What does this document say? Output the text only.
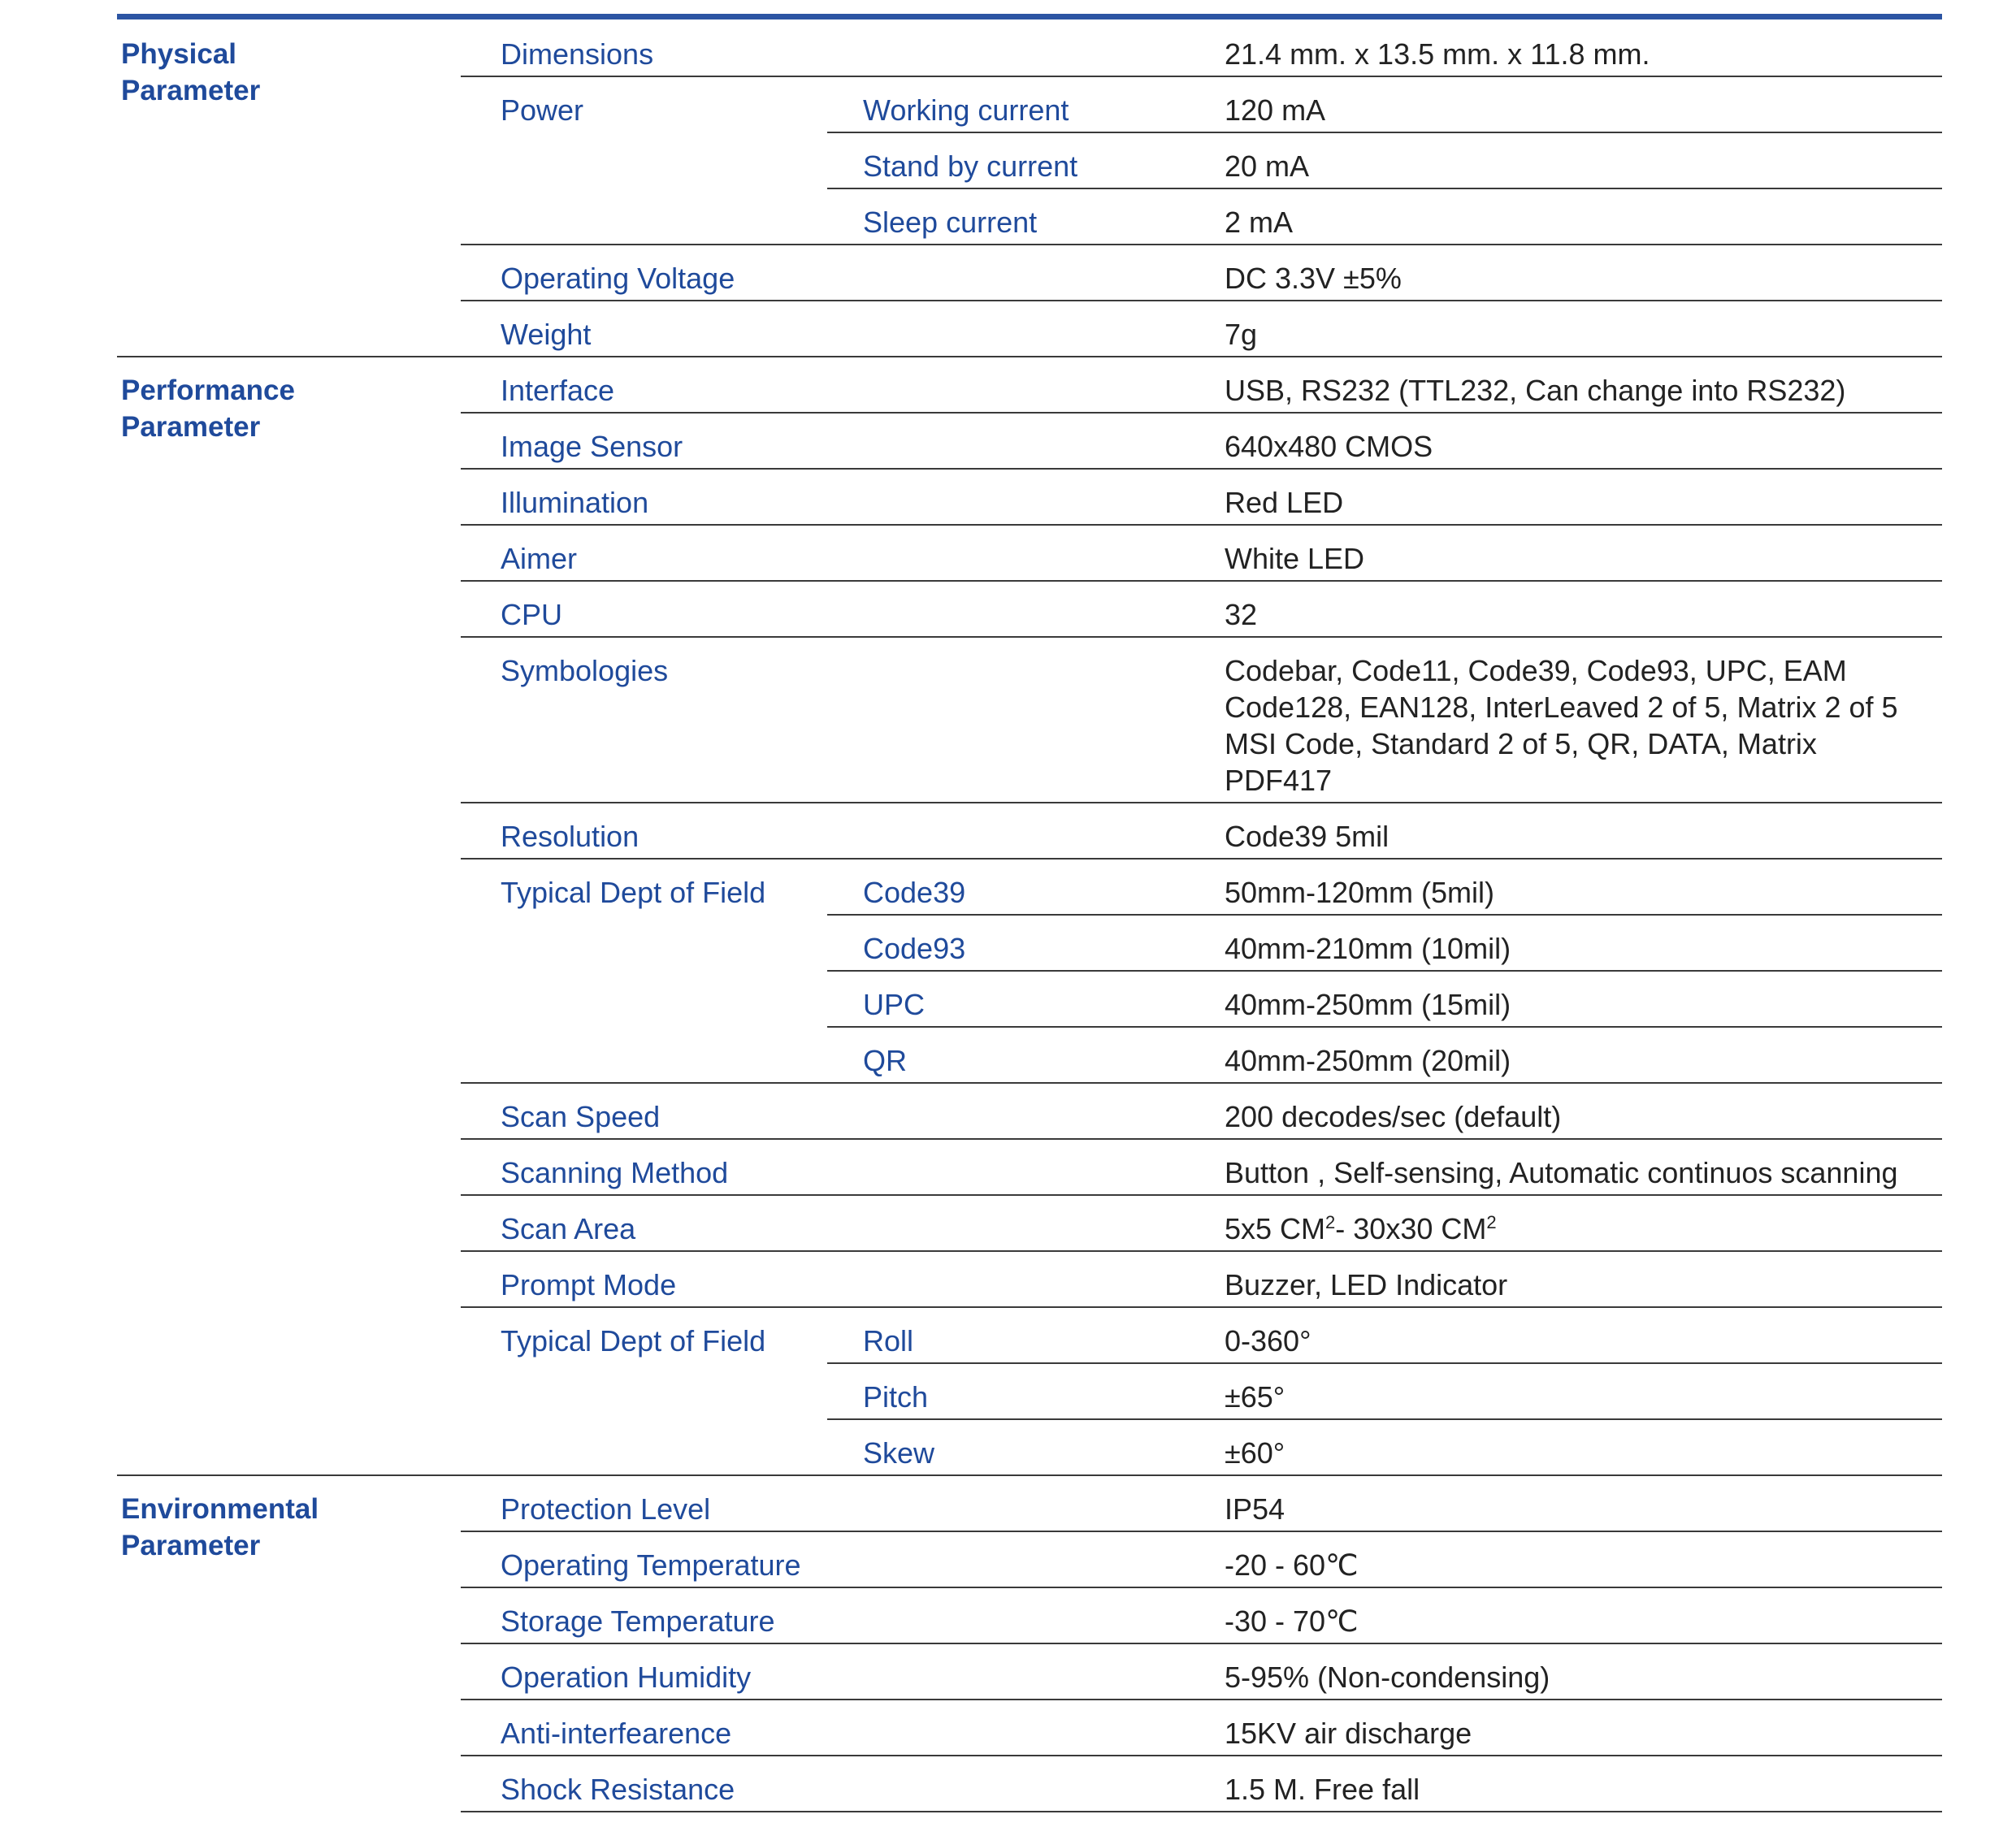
Physical Parameter
Dimensions	21.4 mm. x 13.5 mm. x 11.8 mm.
Power	Working current	120 mA
Stand by current	20 mA
Sleep current	2 mA
Operating Voltage	DC 3.3V ±5%
Weight	7g
Performance Parameter
Interface	USB, RS232 (TTL232, Can change into RS232)
Image Sensor	640x480 CMOS
Illumination	Red LED
Aimer	White LED
CPU	32
Symbologies	Codebar, Code11, Code39, Code93, UPC, EAM
Code128, EAN128, InterLeaved 2 of 5, Matrix 2 of 5
MSI Code, Standard 2 of 5, QR, DATA, Matrix
PDF417
Resolution	Code39 5mil
Typical Dept of Field	Code39	50mm-120mm (5mil)
Code93	40mm-210mm (10mil)
UPC	40mm-250mm (15mil)
QR	40mm-250mm (20mil)
Scan Speed	200 decodes/sec (default)
Scanning Method	Button , Self-sensing, Automatic continuos scanning
Scan Area	5x5 $CM^2-$ 30x30 $CM^2$
Prompt Mode	Buzzer, LED Indicator
Typical Dept of Field	Roll	0-360°
Pitch	±65°
Skew	±60°
Environmental Parameter
Protection Level	IP54
Operating Temperature	-20 - 60℃
Storage Temperature	-30 - 70℃
Operation Humidity	5-95% (Non-condensing)
Anti-interfearence	15KV air discharge
Shock Resistance	1.5 M. Free fall
